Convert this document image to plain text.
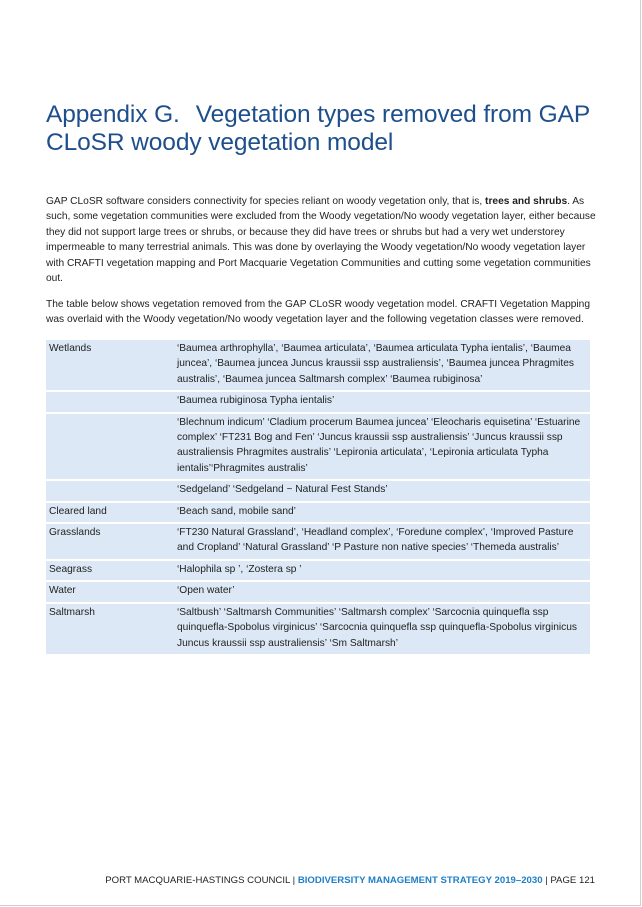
Appendix G. Vegetation types removed from GAP CLoSR woody vegetation model

GAP CLoSR software considers connectivity for species reliant on woody vegetation only, that is, trees and shrubs. As such, some vegetation communities were excluded from the Woody vegetation/No woody vegetation layer, either because they did not support large trees or shrubs, or because they did have trees or shrubs but had a very wet understorey impermeable to many terrestrial animals. This was done by overlaying the Woody vegetation/No woody vegetation layer with CRAFTI vegetation mapping and Port Macquarie Vegetation Communities and cutting some vegetation communities out.

The table below shows vegetation removed from the GAP CLoSR woody vegetation model. CRAFTI Vegetation Mapping was overlaid with the Woody vegetation/No woody vegetation layer and the following vegetation classes were removed.

Wetlands	‘Baumea arthrophylla’, ‘Baumea articulata’, ‘Baumea articulata Typha ientalis’, ‘Baumea juncea’, ‘Baumea juncea Juncus kraussii ssp australiensis’, ‘Baumea juncea Phragmites australis’, ‘Baumea juncea Saltmarsh complex’ ‘Baumea rubiginosa’
	‘Baumea rubiginosa Typha ientalis’
	‘Blechnum indicum’ ‘Cladium procerum Baumea juncea’ ‘Eleocharis equisetina’ ‘Estuarine complex’ ‘FT231 Bog and Fen’ ‘Juncus kraussii ssp australiensis’ ‘Juncus kraussii ssp australiensis Phragmites australis’ ‘Lepironia articulata’, ‘Lepironia articulata Typha ientalis’‘Phragmites australis’
	‘Sedgeland’ ‘Sedgeland ~ Natural Fest Stands’
Cleared land	‘Beach sand, mobile sand’
Grasslands	‘FT230 Natural Grassland’, ‘Headland complex’, ‘Foredune complex’, ‘Improved Pasture and Cropland’ ‘Natural Grassland’ ‘P Pasture non native species’ ‘Themeda australis’
Seagrass	‘Halophila sp ’, ‘Zostera sp ’
Water	‘Open water’
Saltmarsh	‘Saltbush’ ‘Saltmarsh Communities’ ‘Saltmarsh complex’ ‘Sarcocnia quinquefla ssp quinquefla-Spobolus virginicus’ ‘Sarcocnia quinquefla ssp quinquefla-Spobolus virginicus Juncus kraussii ssp australiensis’ ‘Sm Saltmarsh’
PORT MACQUARIE-HASTINGS COUNCIL | BIODIVERSITY MANAGEMENT STRATEGY 2019–2030 | PAGE 121
